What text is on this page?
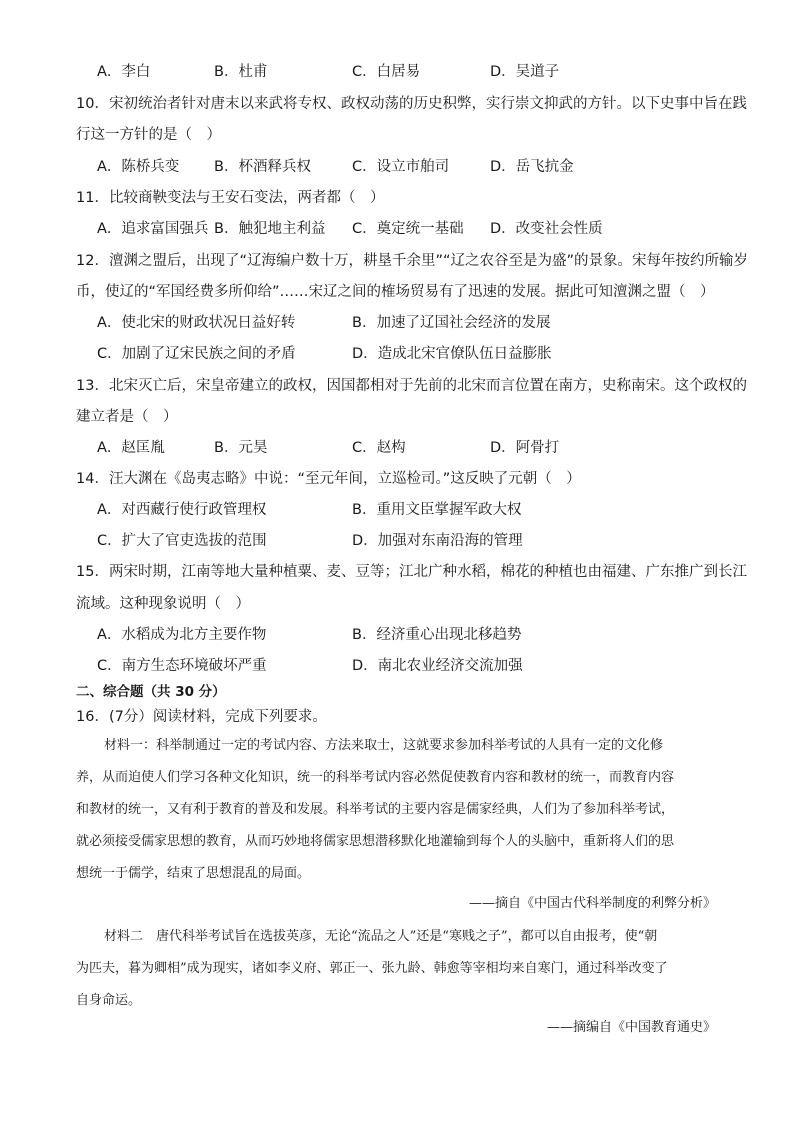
A．李白	B．杜甫	C．白居易	D．吴道子
10．宋初统治者针对唐末以来武将专权、政权动荡的历史积弊，实行崇文抑武的方针。以下史事中旨在践
行这一方针的是（　）
A．陈桥兵变 B．杯酒释兵权	C．设立市舶司	D．岳飞抗金
11．比较商鞅变法与王安石变法，两者都（　）
A．追求富国强兵 B．触犯地主利益 C．奠定统一基础 D．改变社会性质
12．澶渊之盟后，出现了“辽海编户数十万，耕垦千余里”“辽之农谷至是为盛”的景象。宋每年按约所输岁
币，使辽的“军国经费多所仰给”……宋辽之间的榷场贸易有了迅速的发展。据此可知澶渊之盟（　）
A．使北宋的财政状况日益好转	B．加速了辽国社会经济的发展
C．加剧了辽宋民族之间的矛盾	D．造成北宋官僚队伍日益膨胀
13．北宋灭亡后，宋皇帝建立的政权，因国都相对于先前的北宋而言位置在南方，史称南宋。这个政权的
建立者是（　）
A．赵匡胤	B．元昊	C．赵构	D．阿骨打
14．汪大渊在《岛夷志略》中说：“至元年间，立巡检司。”这反映了元朝（　）
A．对西藏行使行政管理权	B．重用文臣掌握军政大权
C．扩大了官吏选拔的范围	D．加强对东南沿海的管理
15．两宋时期，江南等地大量种植粟、麦、豆等；江北广种水稻，棉花的种植也由福建、广东推广到长江
流域。这种现象说明（　）
A．水稻成为北方主要作物	B．经济重心出现北移趋势
C．南方生态环境破坏严重	D．南北农业经济交流加强
二、综合题（共 30 分）
16．(7分）阅读材料，完成下列要求。
材料一：科举制通过一定的考试内容、方法来取士，这就要求参加科举考试的人具有一定的文化修
养，从而迫使人们学习各种文化知识，统一的科举考试内容必然促使教育内容和教材的统一，而教育内容
和教材的统一，又有利于教育的普及和发展。科举考试的主要内容是儒家经典，人们为了参加科举考试，
就必须接受儒家思想的教育，从而巧妙地将儒家思想潜移默化地灌输到每个人的头脑中，重新将人们的思
想统一于儒学，结束了思想混乱的局面。
——摘自《中国古代科举制度的利弊分析》
材料二　唐代科举考试旨在选拔英彦，无论“流品之人”还是“寒贱之子”，都可以自由报考，使“朝
为匹夫，暮为卿相”成为现实，诸如李义府、郭正一、张九龄、韩愈等宰相均来自寒门，通过科举改变了
自身命运。
——摘编自《中国教育通史》
